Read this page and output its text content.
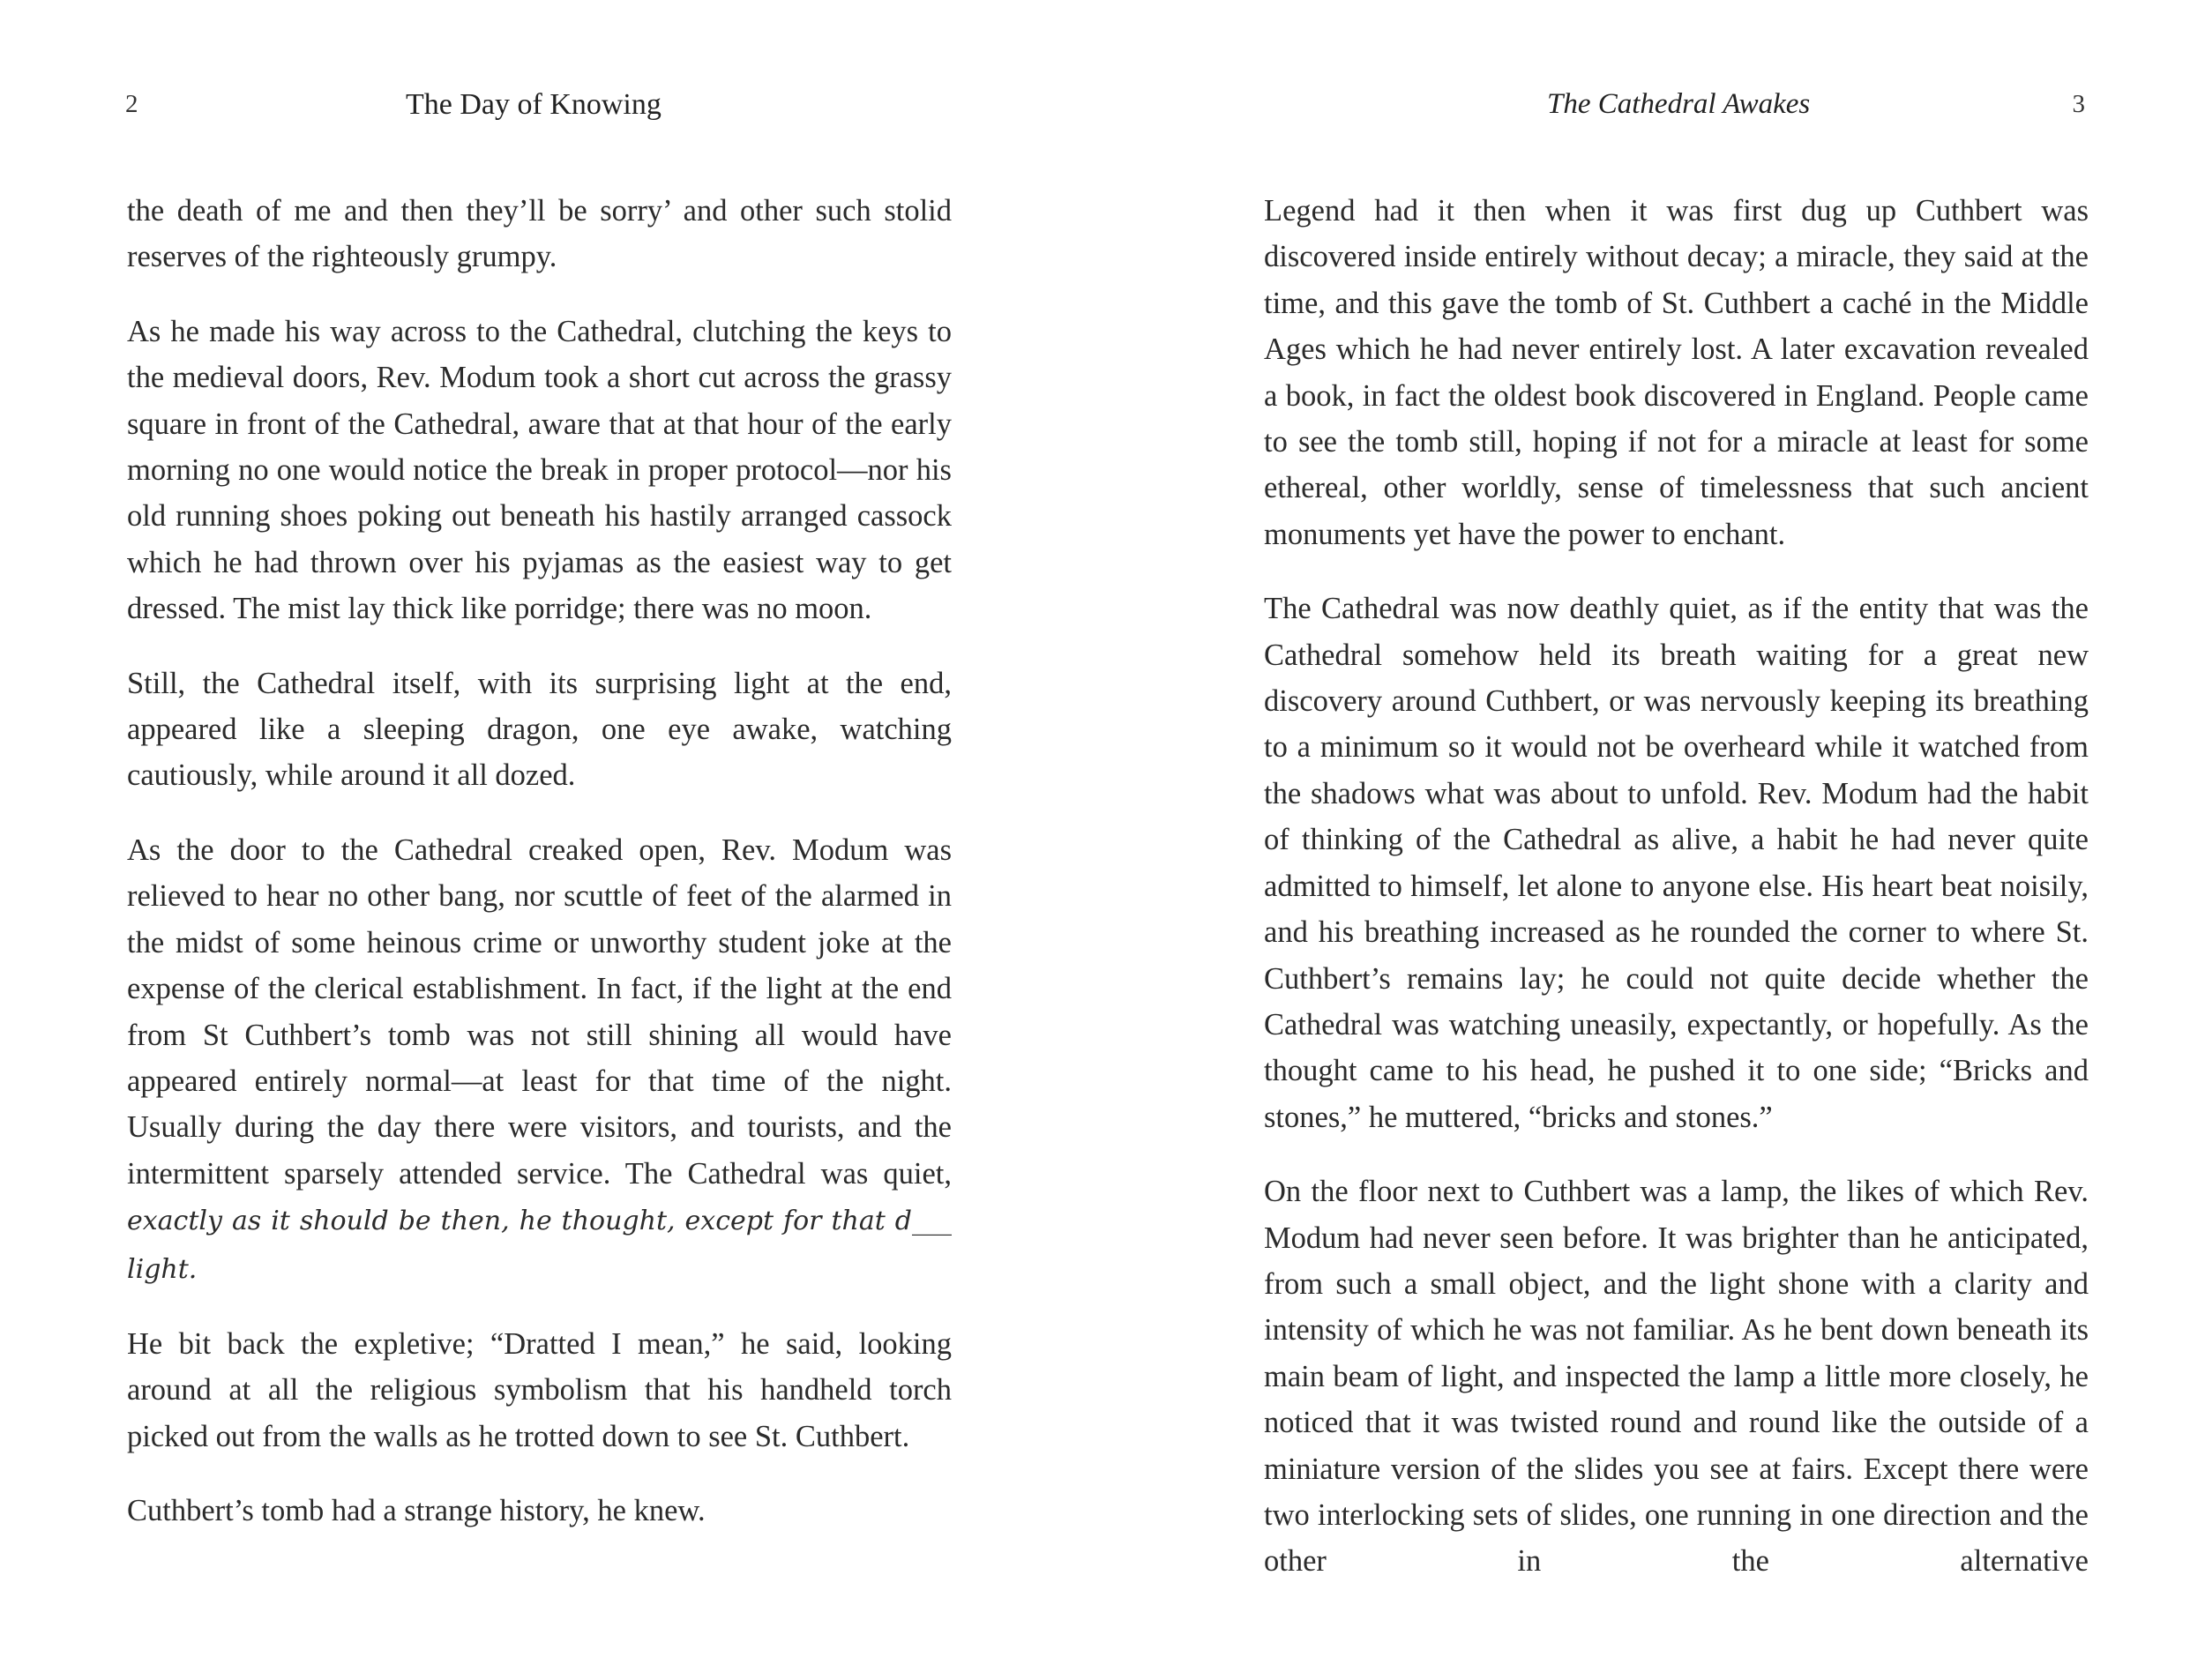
2	The Day of Knowing

the death of me and then they’ll be sorry’ and other such stolid reserves of the righteously grumpy.

As he made his way across to the Cathedral, clutching the keys to the medieval doors, Rev. Modum took a short cut across the grassy square in front of the Cathedral, aware that at that hour of the early morning no one would notice the break in proper protocol—nor his old running shoes poking out beneath his hastily arranged cassock which he had thrown over his pyjamas as the easiest way to get dressed. The mist lay thick like porridge; there was no moon.

Still, the Cathedral itself, with its surprising light at the end, appeared like a sleeping dragon, one eye awake, watching cautiously, while around it all dozed.

As the door to the Cathedral creaked open, Rev. Modum was relieved to hear no other bang, nor scuttle of feet of the alarmed in the midst of some heinous crime or unworthy student joke at the expense of the clerical establishment. In fact, if the light at the end from St Cuthbert’s tomb was not still shining all would have appeared entirely normal—at least for that time of the night. Usually during the day there were visitors, and tourists, and the intermittent sparsely attended service. The Cathedral was quiet, exactly as it should be then, he thought, except for that d___ light.

He bit back the expletive; “Dratted I mean,” he said, looking around at all the religious symbolism that his handheld torch picked out from the walls as he trotted down to see St. Cuthbert.

Cuthbert’s tomb had a strange history, he knew.

The Cathedral Awakes	3

Legend had it then when it was first dug up Cuthbert was discovered inside entirely without decay; a miracle, they said at the time, and this gave the tomb of St. Cuthbert a caché in the Middle Ages which he had never entirely lost. A later excavation revealed a book, in fact the oldest book discovered in England. People came to see the tomb still, hoping if not for a miracle at least for some ethereal, other worldly, sense of timelessness that such ancient monuments yet have the power to enchant.

The Cathedral was now deathly quiet, as if the entity that was the Cathedral somehow held its breath waiting for a great new discovery around Cuthbert, or was nervously keeping its breathing to a minimum so it would not be overheard while it watched from the shadows what was about to unfold. Rev. Modum had the habit of thinking of the Cathedral as alive, a habit he had never quite admitted to himself, let alone to anyone else. His heart beat noisily, and his breathing increased as he rounded the corner to where St. Cuthbert’s remains lay; he could not quite decide whether the Cathedral was watching uneasily, expectantly, or hopefully. As the thought came to his head, he pushed it to one side; “Bricks and stones,” he muttered, “bricks and stones.”

On the floor next to Cuthbert was a lamp, the likes of which Rev. Modum had never seen before. It was brighter than he anticipated, from such a small object, and the light shone with a clarity and intensity of which he was not familiar. As he bent down beneath its main beam of light, and inspected the lamp a little more closely, he noticed that it was twisted round and round like the outside of a miniature version of the slides you see at fairs. Except there were two interlocking sets of slides, one running in one direction and the other in the alternative
